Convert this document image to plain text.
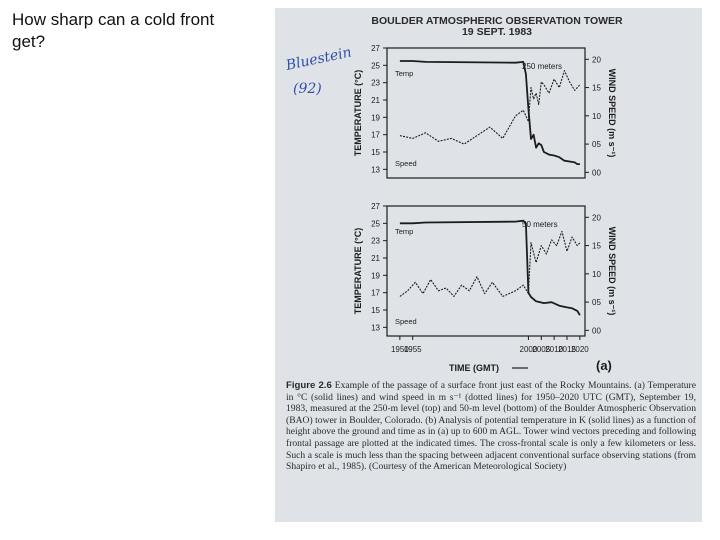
How sharp can a cold front
get?
BOULDER ATMOSPHERIC OBSERVATION TOWER
19 SEPT. 1983
Bluestein
(92)
(a)
27
25
23
21
19
17
15
13
20
15
10
05
00
TEMPERATURE (°C)	WIND SPEED (m s⁻¹)
250 meters
Temp
Speed
27
25
23
21
19
17
15
13
20
15
10
05
00
TEMPERATURE (°C)	WIND SPEED (m s⁻¹)
50 meters
Temp
Speed
1950
1955	2000
2005
2010
2015
2020
TIME (GMT)
Figure 2.6 Example of the passage of a surface front just east of the Rocky Mountains. (a) Temperature in °C (solid lines) and wind speed in m s⁻¹ (dotted lines) for 1950–2020 UTC (GMT), September 19, 1983, measured at the 250-m level (top) and 50-m level (bottom) of the Boulder Atmospheric Observation (BAO) tower in Boulder, Colorado. (b) Analysis of potential temperature in K (solid lines) as a function of height above the ground and time as in (a) up to 600 m AGL. Tower wind vectors preceding and following frontal passage are plotted at the indicated times. The cross-frontal scale is only a few kilometers or less. Such a scale is much less than the spacing between adjacent conventional surface observing stations (from Shapiro et al., 1985). (Courtesy of the American Meteorological Society)
